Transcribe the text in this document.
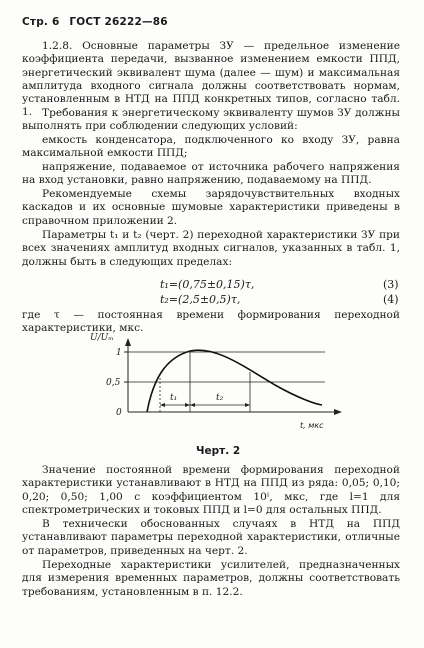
Стр. 6 ГОСТ 26222—86

1.2.8. Основные параметры ЗУ — предельное изменение коэффициента передачи, вызванное изменением емкости ППД, энергетический эквивалент шума (далее — шум) и максимальная амплитуда входного сигнала должны соответствовать нормам, установленным в НТД на ППД конкретных типов, согласно табл. 1. Требования к энергетическому эквиваленту шумов ЗУ должны выполнять при соблюдении следующих условий:

емкость конденсатора, подключенного ко входу ЗУ, равна максимальной емкости ППД;

напряжение, подаваемое от источника рабочего напряжения на вход установки, равно напряжению, подаваемому на ППД.

Рекомендуемые схемы зарядочувствительных входных каскадов и их основные шумовые характеристики приведены в справочном приложении 2.

Параметры t₁ и t₂ (черт. 2) переходной характеристики ЗУ при всех значениях амплитуд входных сигналов, указанных в табл. 1, должны быть в следующих пределах:

t₁=(0,75±0,15)τ,	(3)
t₂=(2,5±0,5)τ,	(4)

где τ — постоянная времени формирования переходной характеристики, мкс.

U/Uₘ
1
0,5
0
t₁	t₂
t, мкс
Черт. 2

Значение постоянной времени формирования переходной характеристики устанавливают в НТД на ППД из ряда: 0,05; 0,10; 0,20; 0,50; 1,00 с коэффициентом 10ˡ, мкс, где l=1 для спектрометрических и токовых ППД и l=0 для остальных ППД.

В технически обоснованных случаях в НТД на ППД устанавливают параметры переходной характеристики, отличные от параметров, приведенных на черт. 2.

Переходные характеристики усилителей, предназначенных для измерения временных параметров, должны соответствовать требованиям, установленным в п. 12.2.
